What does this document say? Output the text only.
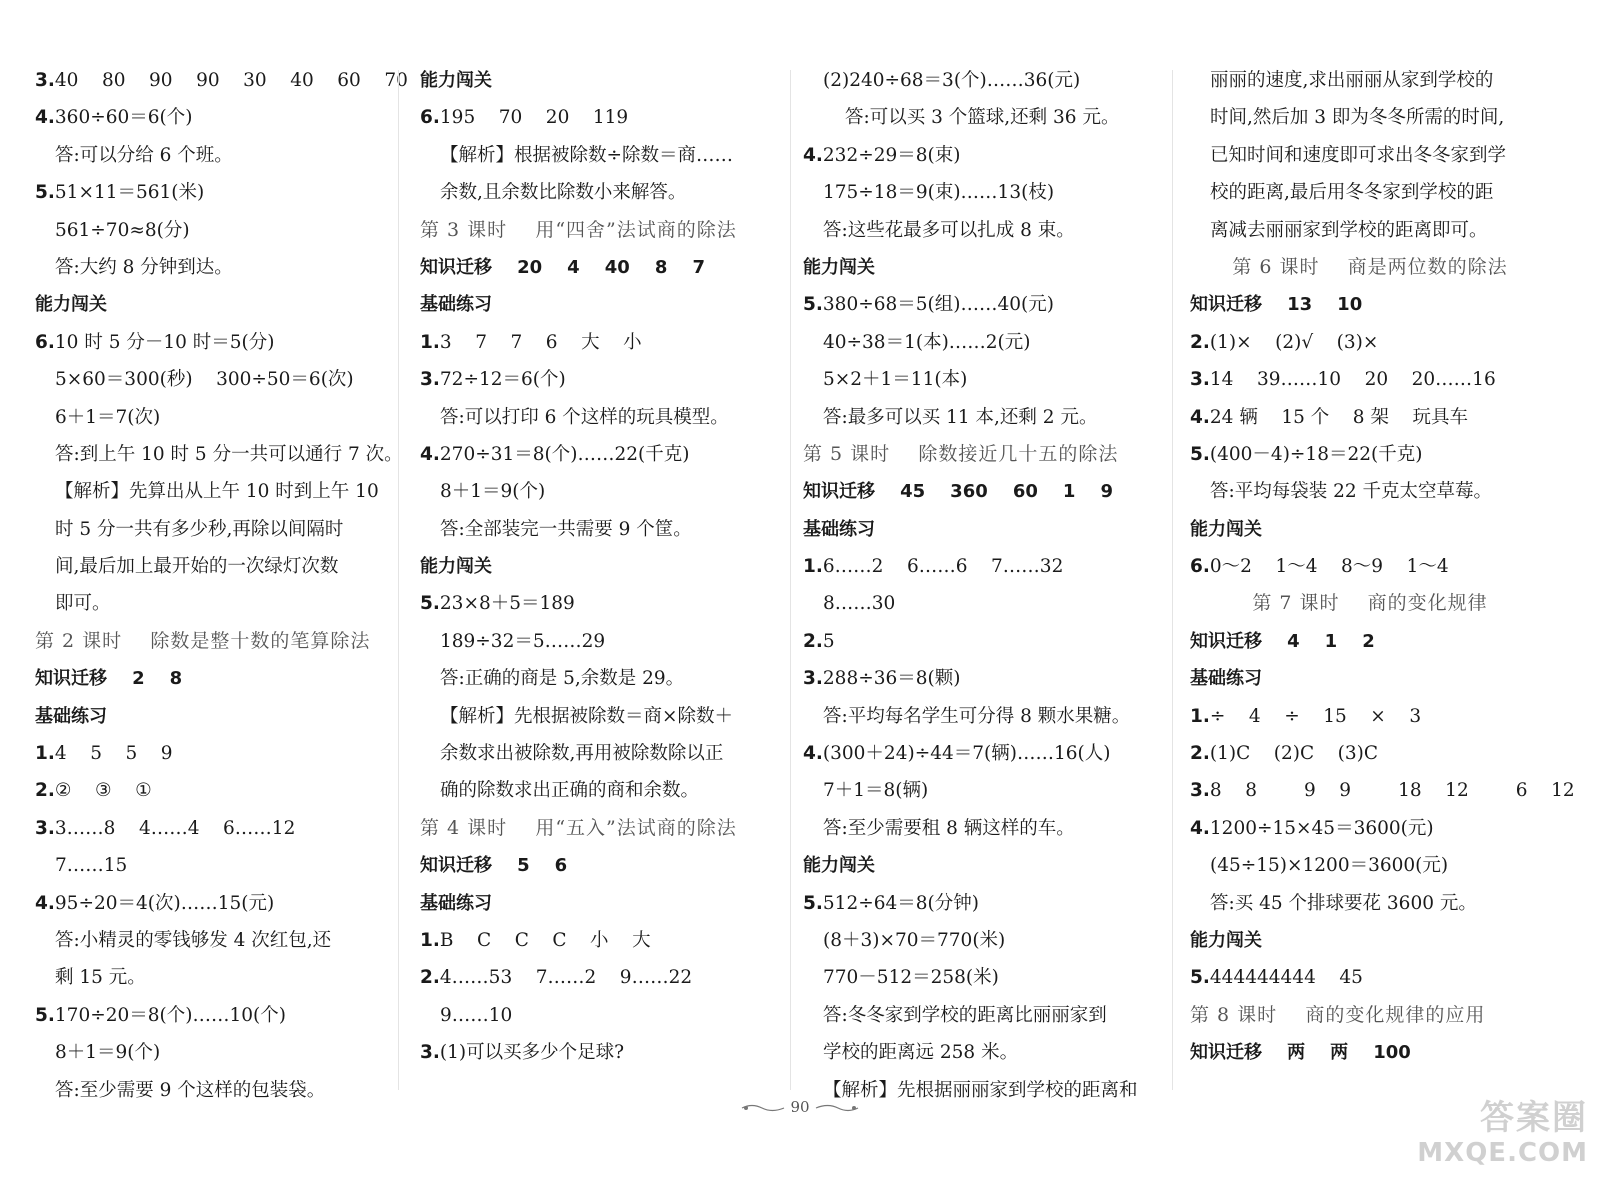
3.40    80    90    90    30    40    60    70
4.360÷60＝6(个)
答:可以分给 6 个班。
5.51×11＝561(米)
561÷70≈8(分)
答:大约 8 分钟到达。
能力闯关
6.10 时 5 分－10 时＝5(分)
5×60＝300(秒)    300÷50＝6(次)
6＋1＝7(次)
答:到上午 10 时 5 分一共可以通行 7 次。
【解析】先算出从上午 10 时到上午 10
时 5 分一共有多少秒,再除以间隔时
间,最后加上最开始的一次绿灯次数
即可。
第 2 课时    除数是整十数的笔算除法
知识迁移    2    8
基础练习
1.4    5    5    9
2.②    ③    ①
3.3……8    4……4    6……12
7……15
4.95÷20＝4(次)……15(元)
答:小精灵的零钱够发 4 次红包,还
剩 15 元。
5.170÷20＝8(个)……10(个)
8＋1＝9(个)
答:至少需要 9 个这样的包装袋。
能力闯关
6.195    70    20    119
【解析】根据被除数÷除数＝商……
余数,且余数比除数小来解答。
第 3 课时    用“四舍”法试商的除法
知识迁移    20    4    40    8    7
基础练习
1.3    7    7    6    大    小
3.72÷12＝6(个)
答:可以打印 6 个这样的玩具模型。
4.270÷31＝8(个)……22(千克)
8＋1＝9(个)
答:全部装完一共需要 9 个筐。
能力闯关
5.23×8＋5＝189
189÷32＝5……29
答:正确的商是 5,余数是 29。
【解析】先根据被除数＝商×除数＋
余数求出被除数,再用被除数除以正
确的除数求出正确的商和余数。
第 4 课时    用“五入”法试商的除法
知识迁移    5    6
基础练习
1.B    C    C    C    小    大
2.4……53    7……2    9……22
9……10
3.(1)可以买多少个足球?
(2)240÷68＝3(个)……36(元)
答:可以买 3 个篮球,还剩 36 元。
4.232÷29＝8(束)
175÷18＝9(束)……13(枝)
答:这些花最多可以扎成 8 束。
能力闯关
5.380÷68＝5(组)……40(元)
40÷38＝1(本)……2(元)
5×2＋1＝11(本)
答:最多可以买 11 本,还剩 2 元。
第 5 课时    除数接近几十五的除法
知识迁移    45    360    60    1    9
基础练习
1.6……2    6……6    7……32
8……30
2.5
3.288÷36＝8(颗)
答:平均每名学生可分得 8 颗水果糖。
4.(300＋24)÷44＝7(辆)……16(人)
7＋1＝8(辆)
答:至少需要租 8 辆这样的车。
能力闯关
5.512÷64＝8(分钟)
(8＋3)×70＝770(米)
770－512＝258(米)
答:冬冬家到学校的距离比丽丽家到
学校的距离远 258 米。
【解析】先根据丽丽家到学校的距离和
丽丽的速度,求出丽丽从家到学校的
时间,然后加 3 即为冬冬所需的时间,
已知时间和速度即可求出冬冬家到学
校的距离,最后用冬冬家到学校的距
离减去丽丽家到学校的距离即可。
第 6 课时    商是两位数的除法
知识迁移    13    10
2.(1)×    (2)√    (3)×
3.14    39……10    20    20……16
4.24 辆    15 个    8 架    玩具车
5.(400－4)÷18＝22(千克)
答:平均每袋装 22 千克太空草莓。
能力闯关
6.0～2    1～4    8～9    1～4
第 7 课时    商的变化规律
知识迁移    4    1    2
基础练习
1.÷    4    ÷    15    ×    3
2.(1)C    (2)C    (3)C
3.8    8        9    9        18    12        6    12
4.1200÷15×45＝3600(元)
(45÷15)×1200＝3600(元)
答:买 45 个排球要花 3600 元。
能力闯关
5.444444444    45
第 8 课时    商的变化规律的应用
知识迁移    两    两    100
90	答案圈
MXQE.COM
